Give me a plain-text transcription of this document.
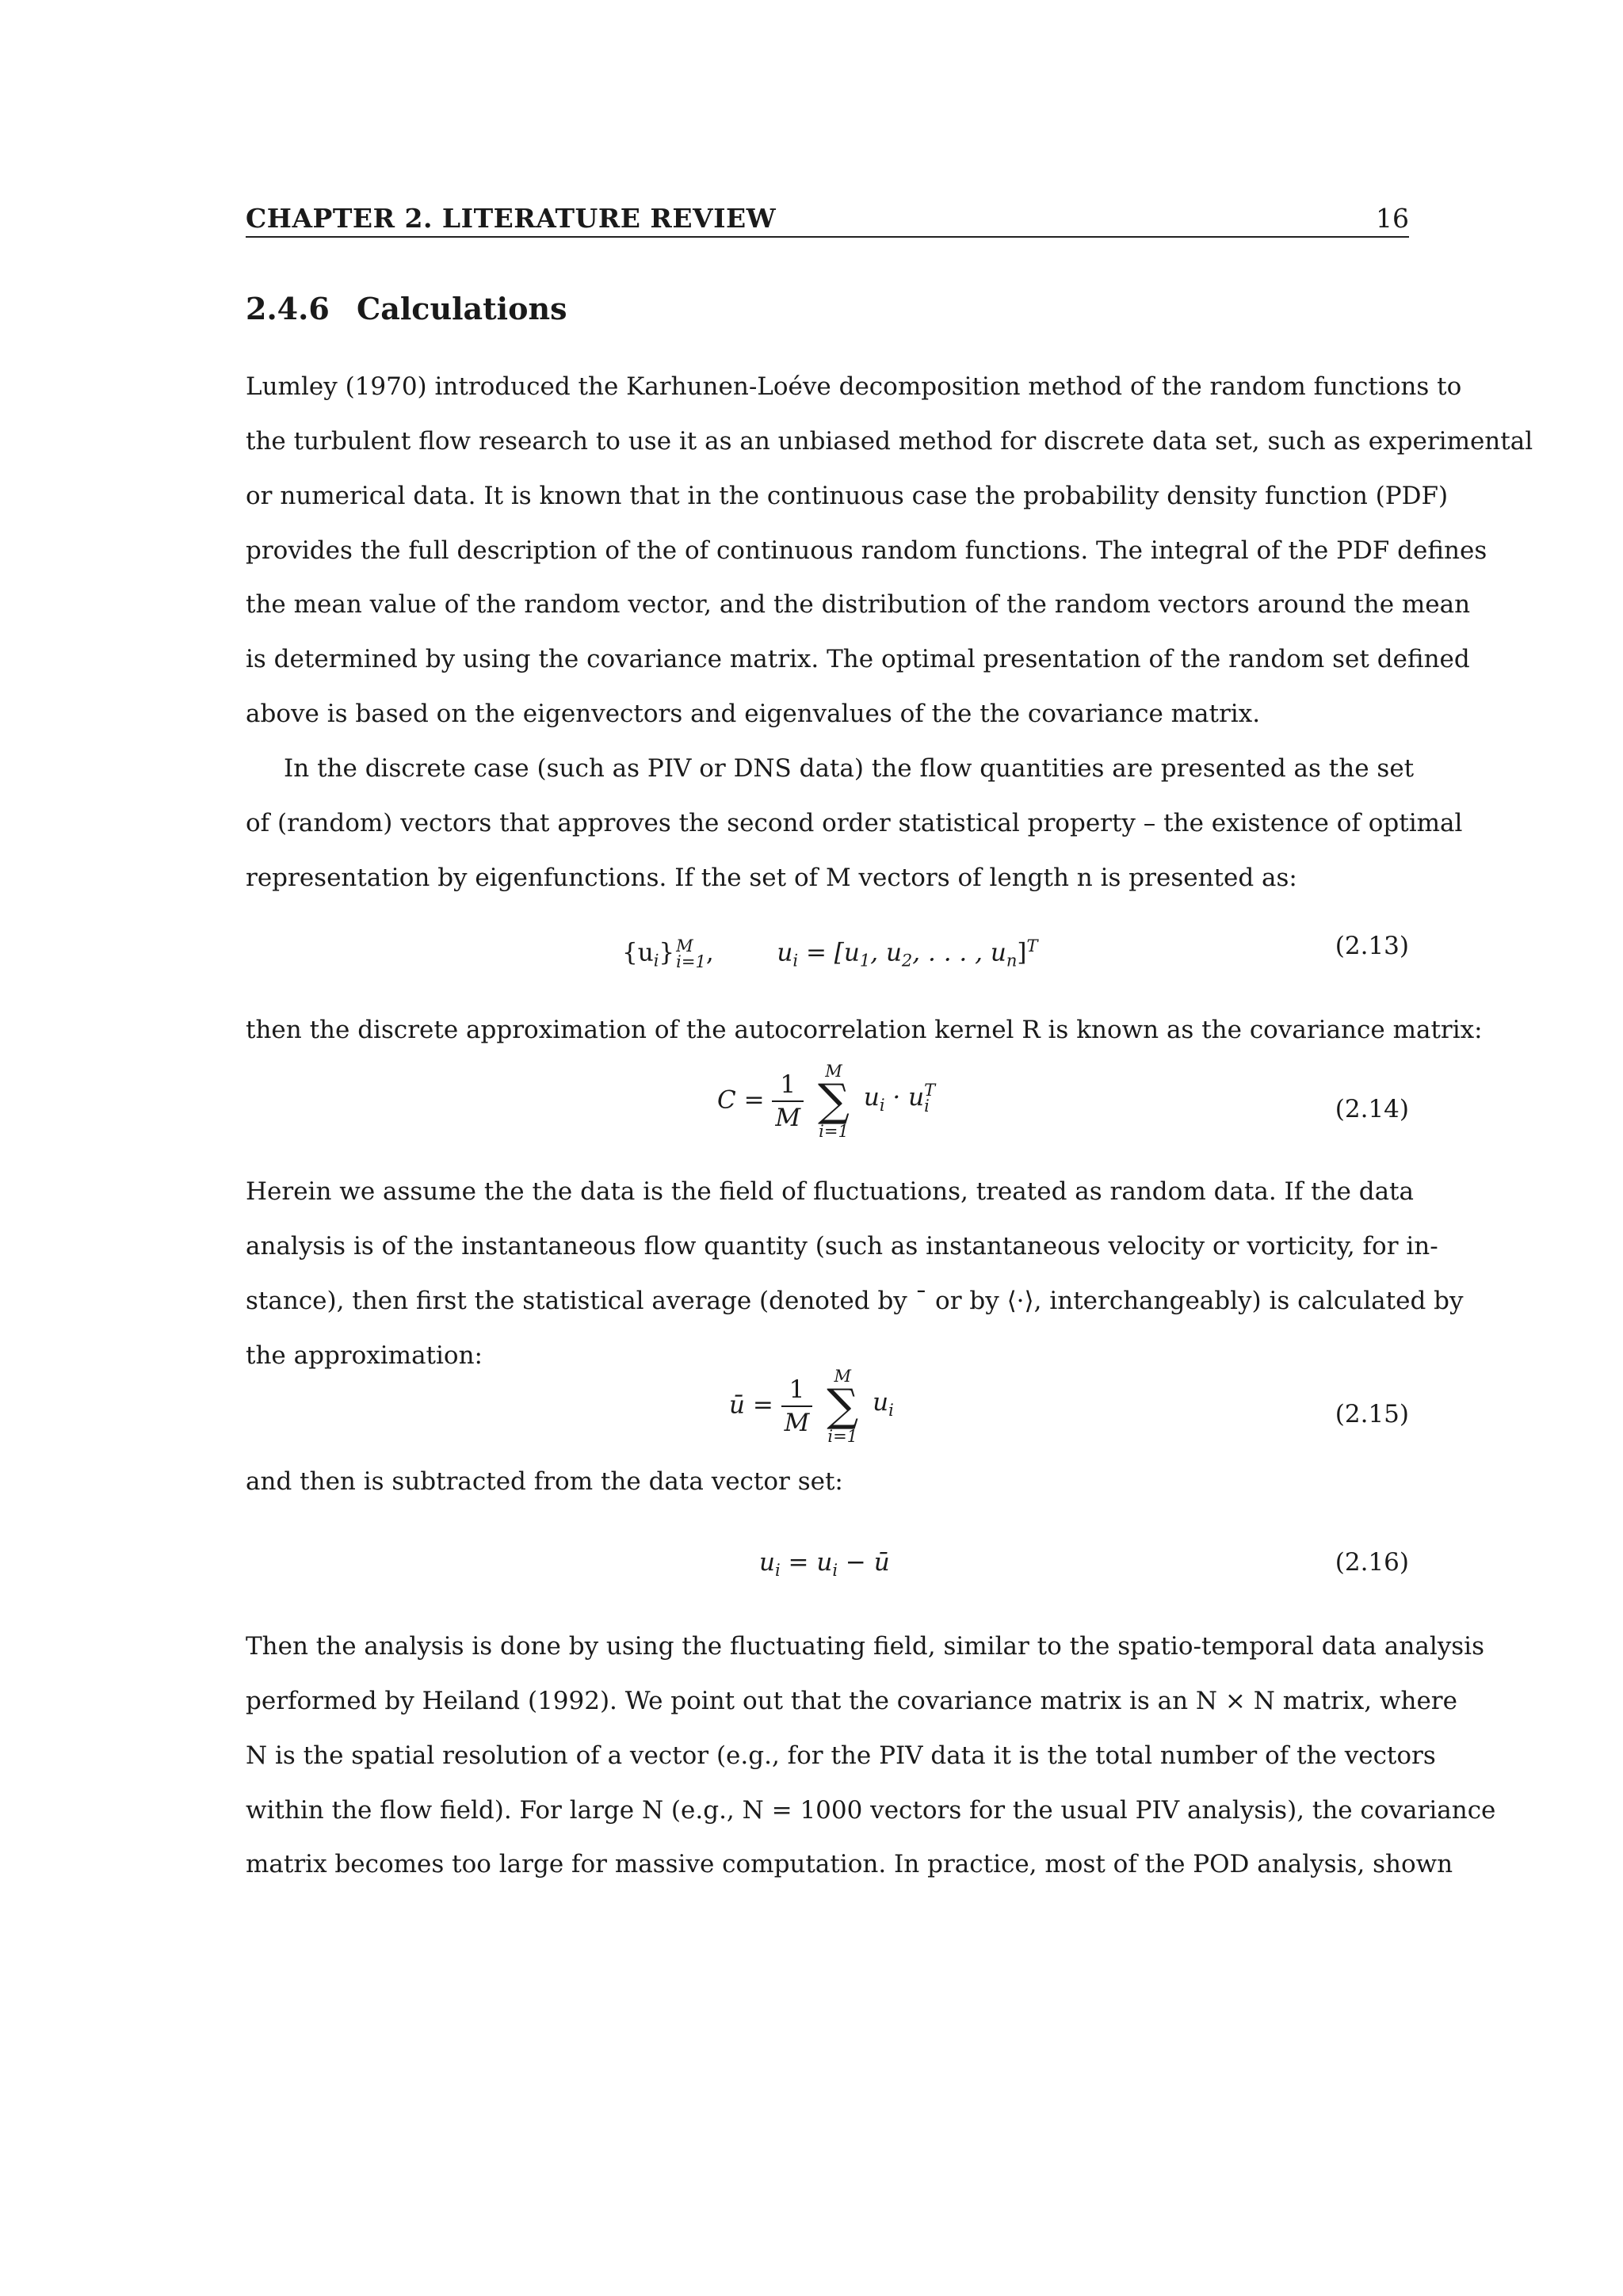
CHAPTER 2. LITERATURE REVIEW	16
2.4.6 Calculations
Lumley (1970) introduced the Karhunen-Loéve decomposition method of the random functions to
the turbulent flow research to use it as an unbiased method for discrete data set, such as experimental
or numerical data. It is known that in the continuous case the probability density function (PDF)
provides the full description of the of continuous random functions. The integral of the PDF defines
the mean value of the random vector, and the distribution of the random vectors around the mean
is determined by using the covariance matrix. The optimal presentation of the random set defined
above is based on the eigenvectors and eigenvalues of the the covariance matrix.
In the discrete case (such as PIV or DNS data) the flow quantities are presented as the set
of (random) vectors that approves the second order statistical property – the existence of optimal
representation by eigenfunctions. If the set of M vectors of length n is presented as:
$\{u_i\}$ M
i=1 ,	$u_i = [u_1$, $u_2$, . . . , $u_n]^T$	(2.13)
then the discrete approximation of the autocorrelation kernel R is known as the covariance matrix:
$C = \frac{1}{M}$
	M
∑
i=1
$u_i \cdot u$ T
i	(2.14)
Herein we assume the the data is the field of fluctuations, treated as random data. If the data
analysis is of the instantaneous flow quantity (such as instantaneous velocity or vorticity, for in-
stance), then first the statistical average (denoted by ¯ or by ⟨·⟩, interchangeably) is calculated by
the approximation:
ū = $\frac{1}{M}$
	M
∑
i=1
$u_i$	(2.15)
and then is subtracted from the data vector set:
$u_i = u_i$ − ū	(2.16)
Then the analysis is done by using the fluctuating field, similar to the spatio-temporal data analysis
performed by Heiland (1992). We point out that the covariance matrix is an N × N matrix, where
N is the spatial resolution of a vector (e.g., for the PIV data it is the total number of the vectors
within the flow field). For large N (e.g., N = 1000 vectors for the usual PIV analysis), the covariance
matrix becomes too large for massive computation. In practice, most of the POD analysis, shown
